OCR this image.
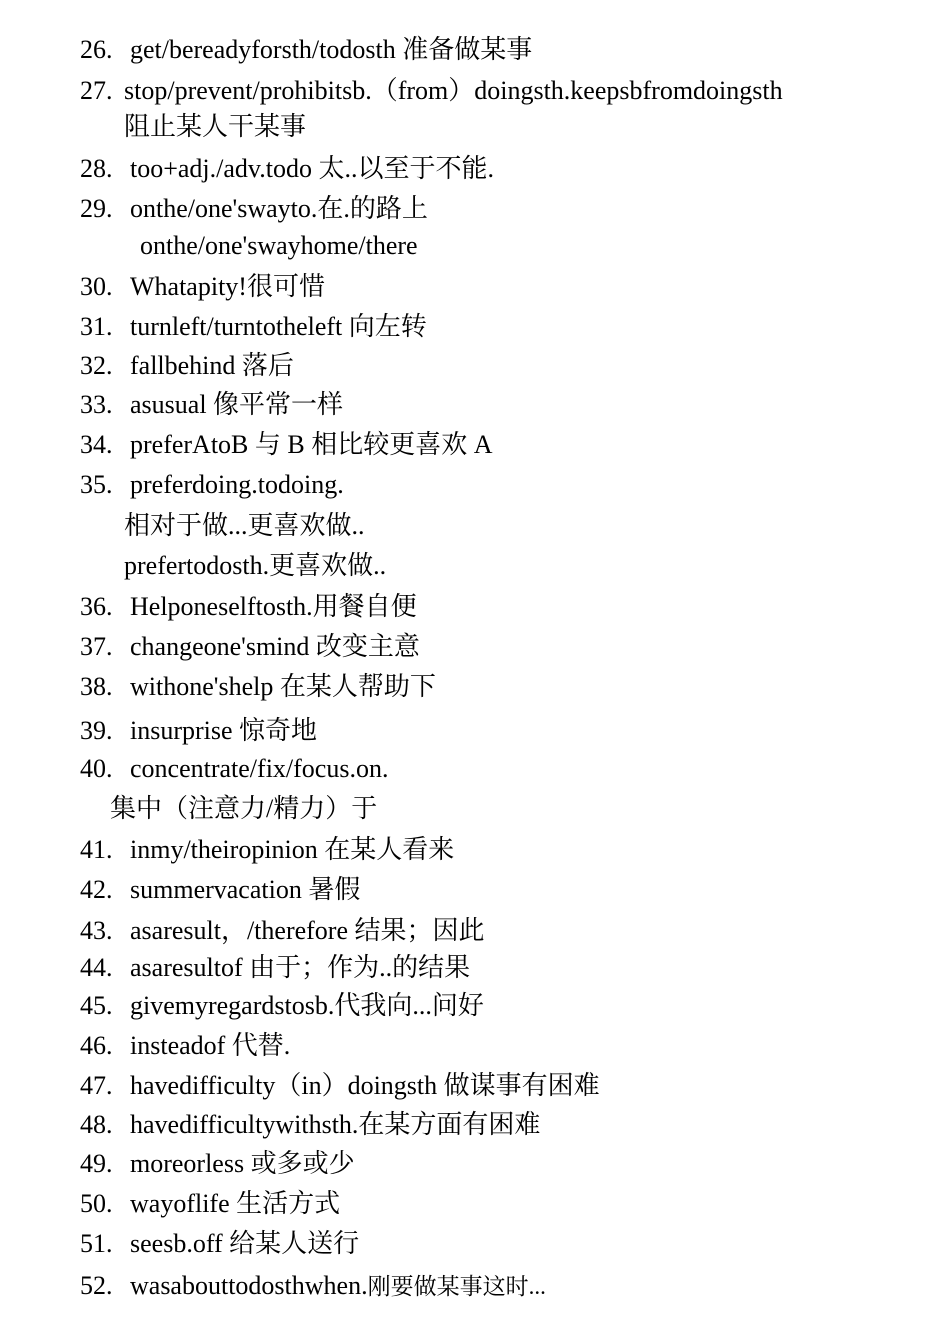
26. get/bereadyforsth/todosth 准备做某事
27. stop/prevent/prohibitsb.（from）doingsth.keepsbfromdoingsth
阻止某人干某事
28. too+adj./adv.todo 太..以至于不能.
29. onthe/one'swayto.在.的路上
onthe/one'swayhome/there
30. Whatapity!很可惜
31. turnleft/turntotheleft 向左转
32. fallbehind 落后
33. asusual 像平常一样
34. preferAtoB 与 B 相比较更喜欢 A
35. preferdoing.todoing.
相对于做...更喜欢做..
prefertodosth.更喜欢做..
36. Helponeselftosth.用餐自便
37. changeone'smind 改变主意
38. withone'shelp 在某人帮助下
39. insurprise 惊奇地
40. concentrate/fix/focus.on.
集中（注意力/精力）于
41. inmy/theiropinion 在某人看来
42. summervacation 暑假
43. asaresult，/therefore 结果；因此
44. asaresultof 由于；作为..的结果
45. givemyregardstosb.代我向...问好
46. insteadof 代替.
47. havedifficulty（in）doingsth 做谋事有困难
48. havedifficultywithsth.在某方面有困难
49. moreorless 或多或少
50. wayoflife 生活方式
51. seesb.off 给某人送行
52. wasabouttodosthwhen.刚要做某事这时...
